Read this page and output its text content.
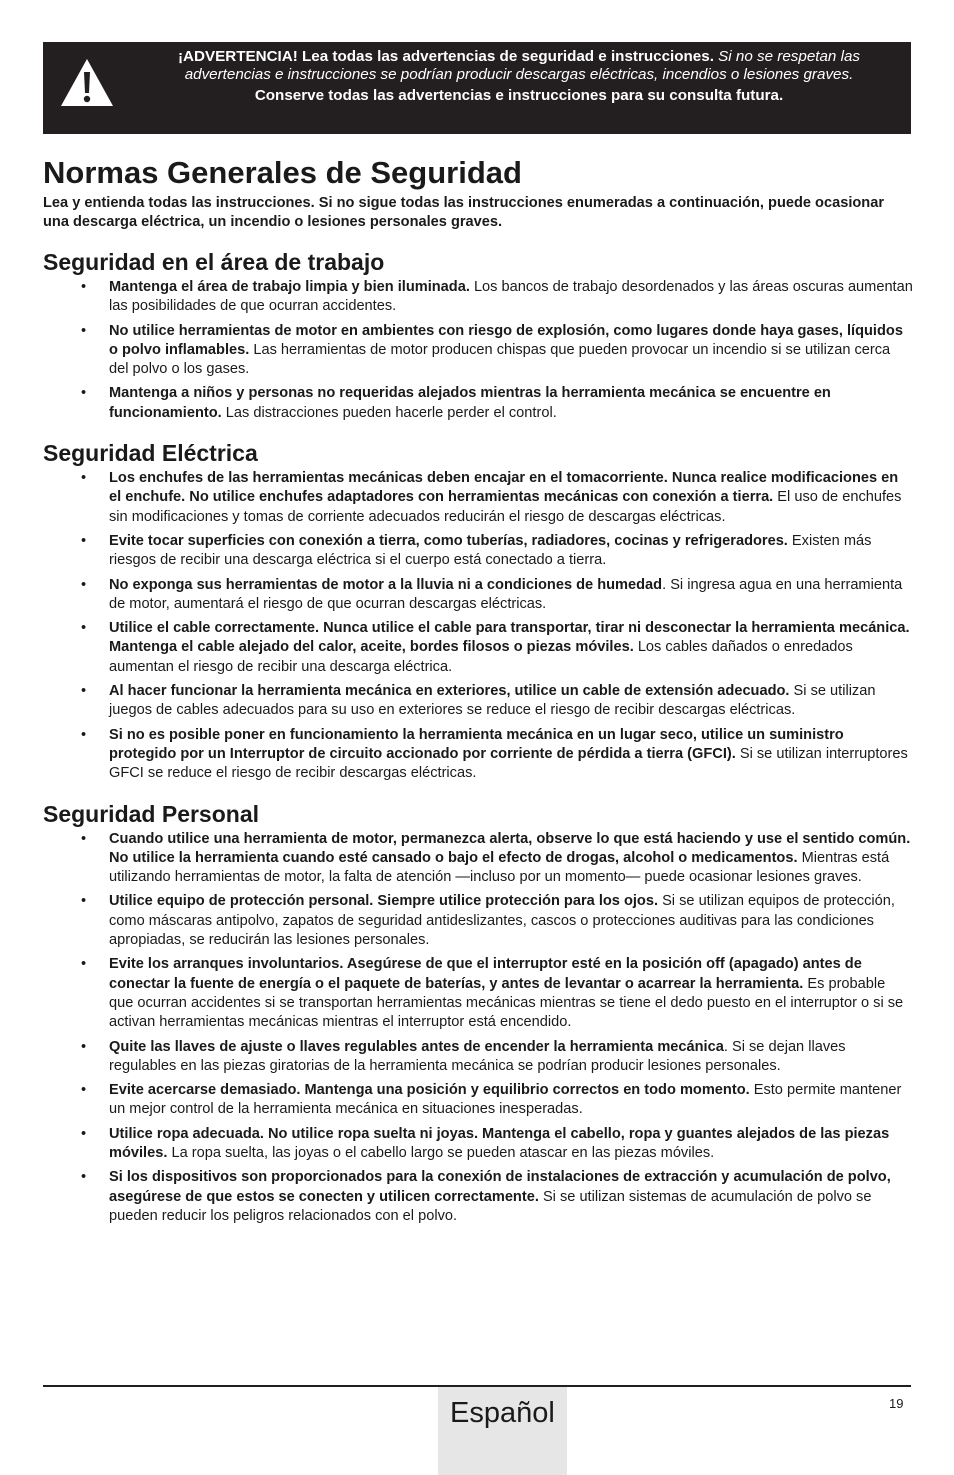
¡ADVERTENCIA! Lea todas las advertencias de seguridad e instrucciones. Si no se respetan las advertencias e instrucciones se podrían producir descargas eléctricas, incendios o lesiones graves.
Conserve todas las advertencias e instrucciones para su consulta futura.
Normas Generales de Seguridad

Lea y entienda todas las instrucciones. Si no sigue todas las instrucciones enumeradas a continuación, puede ocasionar una descarga eléctrica, un incendio o lesiones personales graves.

Seguridad en el área de trabajo
• Mantenga el área de trabajo limpia y bien iluminada. Los bancos de trabajo desordenados y las áreas oscuras aumentan las posibilidades de que ocurran accidentes.
• No utilice herramientas de motor en ambientes con riesgo de explosión, como lugares donde haya gases, líquidos o polvo inflamables. Las herramientas de motor producen chispas que pueden provocar un incendio si se utilizan cerca del polvo o los gases.
• Mantenga a niños y personas no requeridas alejados mientras la herramienta mecánica se encuentre en funcionamiento. Las distracciones pueden hacerle perder el control.
Seguridad Eléctrica
• Los enchufes de las herramientas mecánicas deben encajar en el tomacorriente. Nunca realice modificaciones en el enchufe. No utilice enchufes adaptadores con herramientas mecánicas con conexión a tierra. El uso de enchufes sin modificaciones y tomas de corriente adecuados reducirán el riesgo de descargas eléctricas.
• Evite tocar superficies con conexión a tierra, como tuberías, radiadores, cocinas y refrigeradores. Existen más riesgos de recibir una descarga eléctrica si el cuerpo está conectado a tierra.
• No exponga sus herramientas de motor a la lluvia ni a condiciones de humedad. Si ingresa agua en una herramienta de motor, aumentará el riesgo de que ocurran descargas eléctricas.
• Utilice el cable correctamente. Nunca utilice el cable para transportar, tirar ni desconectar la herramienta mecánica. Mantenga el cable alejado del calor, aceite, bordes filosos o piezas móviles. Los cables dañados o enredados aumentan el riesgo de recibir una descarga eléctrica.
• Al hacer funcionar la herramienta mecánica en exteriores, utilice un cable de extensión adecuado. Si se utilizan juegos de cables adecuados para su uso en exteriores se reduce el riesgo de recibir descargas eléctricas.
• Si no es posible poner en funcionamiento la herramienta mecánica en un lugar seco, utilice un suministro protegido por un Interruptor de circuito accionado por corriente de pérdida a tierra (GFCI). Si se utilizan interruptores GFCI se reduce el riesgo de recibir descargas eléctricas.
Seguridad Personal
• Cuando utilice una herramienta de motor, permanezca alerta, observe lo que está haciendo y use el sentido común. No utilice la herramienta cuando esté cansado o bajo el efecto de drogas, alcohol o medicamentos. Mientras está utilizando herramientas de motor, la falta de atención —incluso por un momento— puede ocasionar lesiones graves.
• Utilice equipo de protección personal. Siempre utilice protección para los ojos. Si se utilizan equipos de protección, como máscaras antipolvo, zapatos de seguridad antideslizantes, cascos o protecciones auditivas para las condiciones apropiadas, se reducirán las lesiones personales.
• Evite los arranques involuntarios. Asegúrese de que el interruptor esté en la posición off (apagado) antes de conectar la fuente de energía o el paquete de baterías, y antes de levantar o acarrear la herramienta. Es probable que ocurran accidentes si se transportan herramientas mecánicas mientras se tiene el dedo puesto en el interruptor o si se activan herramientas mecánicas mientras el interruptor está encendido.
• Quite las llaves de ajuste o llaves regulables antes de encender la herramienta mecánica. Si se dejan llaves regulables en las piezas giratorias de la herramienta mecánica se podrían producir lesiones personales.
• Evite acercarse demasiado. Mantenga una posición y equilibrio correctos en todo momento. Esto permite mantener un mejor control de la herramienta mecánica en situaciones inesperadas.
• Utilice ropa adecuada. No utilice ropa suelta ni joyas. Mantenga el cabello, ropa y guantes alejados de las piezas móviles. La ropa suelta, las joyas o el cabello largo se pueden atascar en las piezas móviles.
• Si los dispositivos son proporcionados para la conexión de instalaciones de extracción y acumulación de polvo, asegúrese de que estos se conecten y utilicen correctamente. Si se utilizan sistemas de acumulación de polvo se pueden reducir los peligros relacionados con el polvo.
Español	19
